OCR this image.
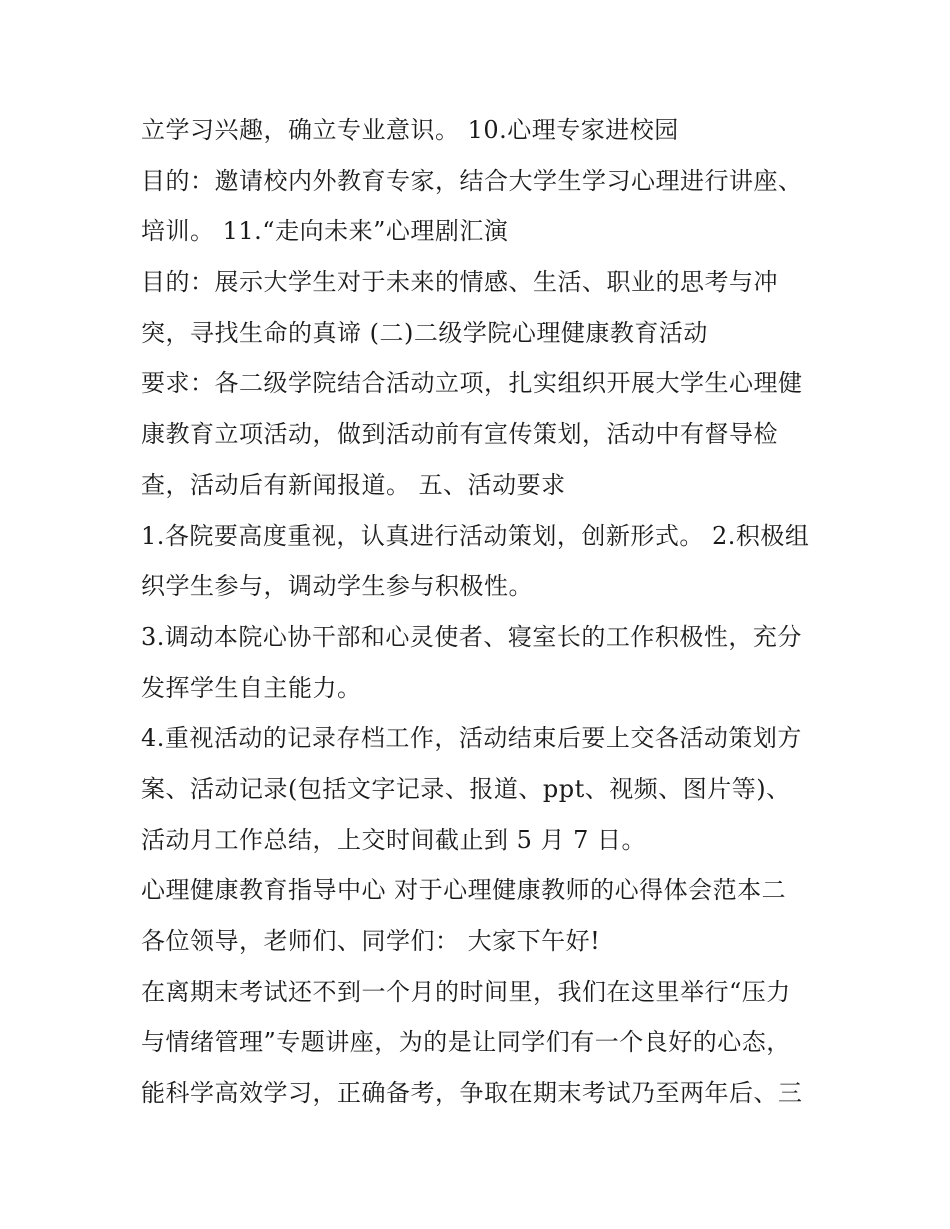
立学习兴趣，确立专业意识。 10.心理专家进校园
目的：邀请校内外教育专家，结合大学生学习心理进行讲座、
培训。 11.“走向未来”心理剧汇演
目的：展示大学生对于未来的情感、生活、职业的思考与冲
突，寻找生命的真谛 (二)二级学院心理健康教育活动
要求：各二级学院结合活动立项，扎实组织开展大学生心理健
康教育立项活动，做到活动前有宣传策划，活动中有督导检
查，活动后有新闻报道。 五、活动要求
1.各院要高度重视，认真进行活动策划，创新形式。 2.积极组
织学生参与，调动学生参与积极性。
3.调动本院心协干部和心灵使者、寝室长的工作积极性，充分
发挥学生自主能力。
4.重视活动的记录存档工作，活动结束后要上交各活动策划方
案、活动记录(包括文字记录、报道、ppt、视频、图片等)、
活动月工作总结，上交时间截止到 5 月 7 日。
心理健康教育指导中心 对于心理健康教师的心得体会范本二
各位领导，老师们、同学们： 大家下午好!
在离期末考试还不到一个月的时间里，我们在这里举行“压力
与情绪管理”专题讲座，为的是让同学们有一个良好的心态，
能科学高效学习，正确备考，争取在期末考试乃至两年后、三
